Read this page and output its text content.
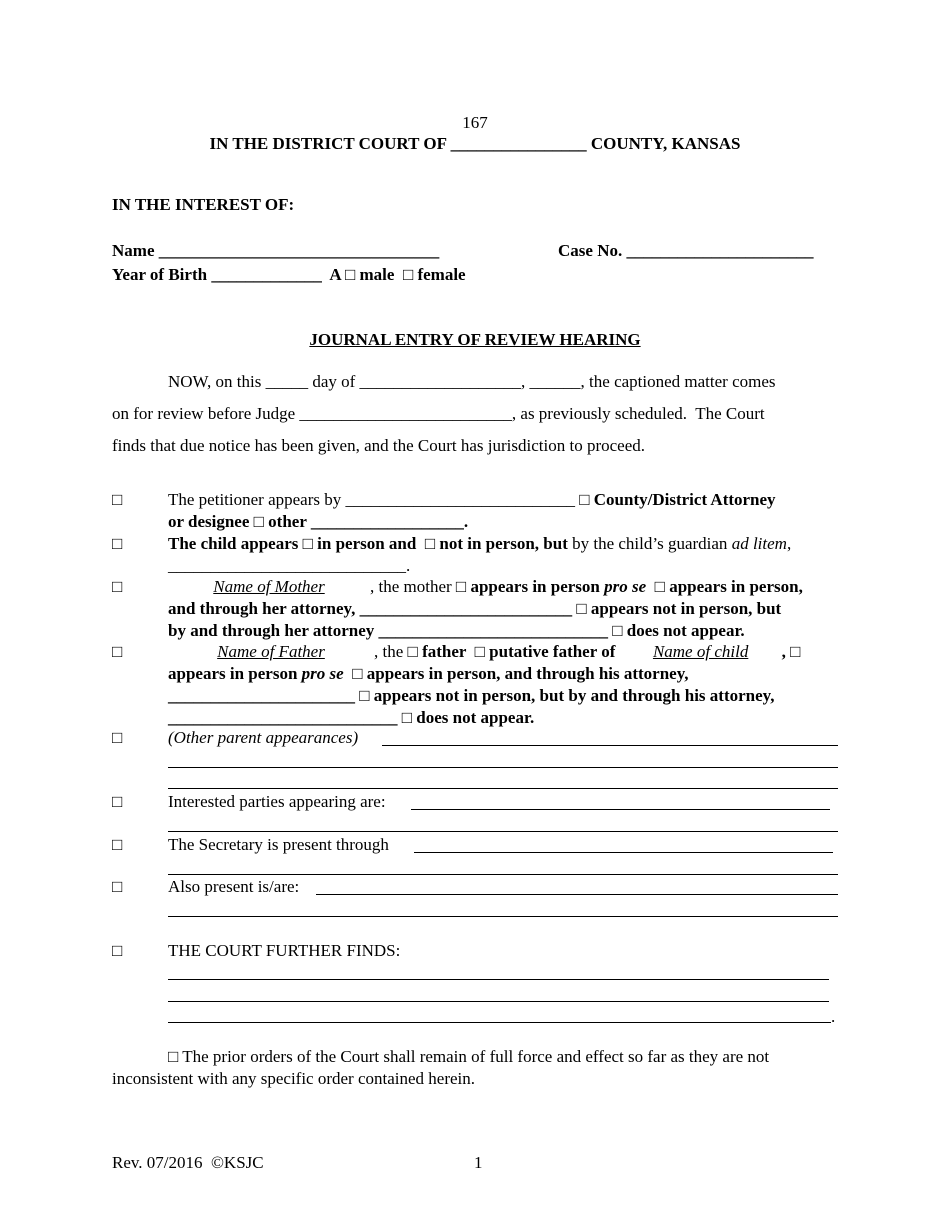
167
IN THE DISTRICT COURT OF ________________ COUNTY, KANSAS
IN THE INTEREST OF:
Name _________________________________	Case No. ______________________
Year of Birth _____________ A □ male □ female
JOURNAL ENTRY OF REVIEW HEARING
NOW, on this _____ day of ___________________, ______, the captioned matter comes
on for review before Judge _________________________, as previously scheduled.  The Court
finds that due notice has been given, and the Court has jurisdiction to proceed.
□	The petitioner appears by ___________________________ □ County/District Attorney
or designee □ other __________________.
□	The child appears □ in person and  □ not in person, but by the child’s guardian ad litem,
____________________________.
□	Name of Mother	, the mother □ appears in person pro se □ appears in person,
and through her attorney, _________________________ □ appears not in person, but
by and through her attorney ___________________________ □ does not appear.
□	Name of Father	, the □ father  □ putative father of Name of child , □
appears in person pro se □ appears in person, and through his attorney,
______________________ □ appears not in person, but by and through his attorney,
___________________________ □ does not appear.
□	(Other parent appearances)
□	Interested parties appearing are:
□	The Secretary is present through
□	Also present is/are:
□	THE COURT FURTHER FINDS:
.
□ The prior orders of the Court shall remain of full force and effect so far as they are not
inconsistent with any specific order contained herein.
Rev. 07/2016  ©KSJC	1
